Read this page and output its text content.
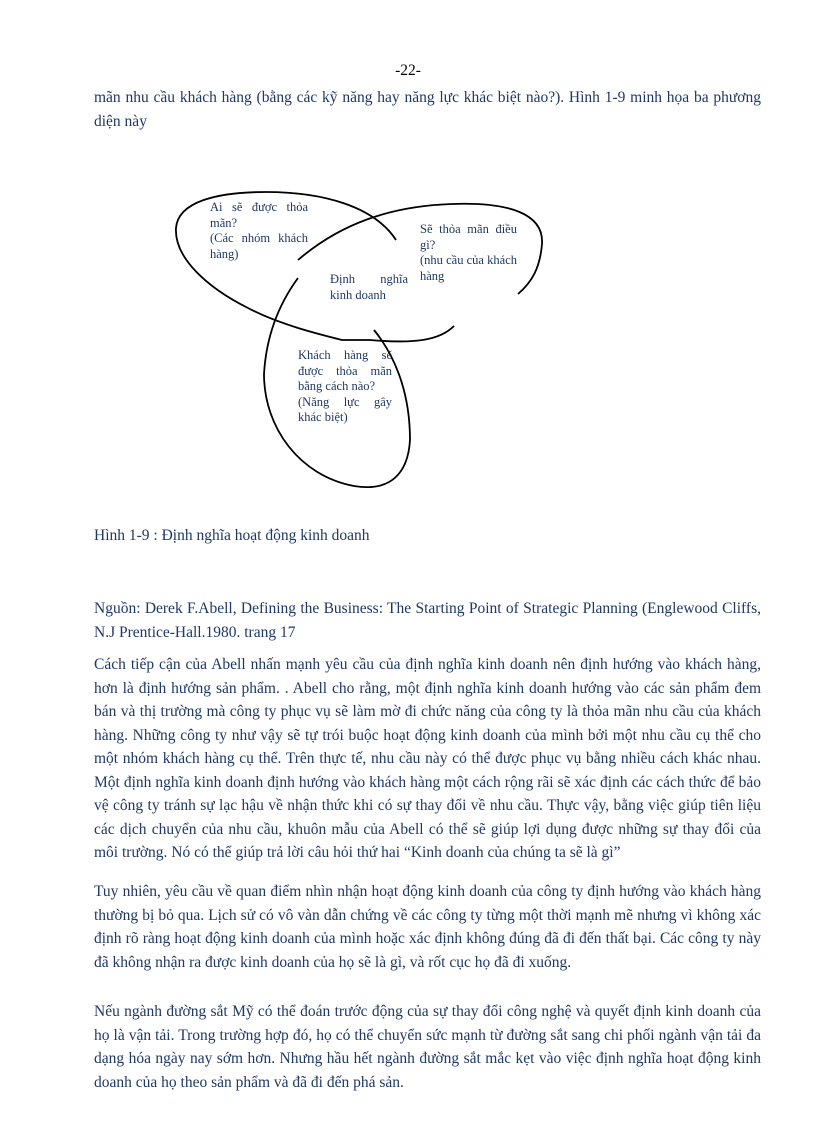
-22-

mãn nhu cầu khách hàng (bằng các kỹ năng hay năng lực khác biệt nào?). Hình 1-9 minh họa ba phương diện này

Ai sẽ được thỏa mãn?
(Các nhóm khách hàng)
Sẽ thỏa mãn điều gì?
(nhu cầu của khách hàng
Định nghĩa kinh doanh
Khách hàng sẽ được thỏa mãn bằng cách nào?
(Năng lực gây khác biệt)

Hình 1-9 : Định nghĩa hoạt động kinh doanh

Nguồn: Derek F.Abell, Defining the Business: The Starting Point of Strategic Planning (Englewood Cliffs, N.J Prentice-Hall.1980. trang 17

Cách tiếp cận của Abell nhấn mạnh yêu cầu của định nghĩa kinh doanh nên định hướng vào khách hàng, hơn là định hướng sản phẩm. . Abell cho rằng, một định nghĩa kinh doanh hướng vào các sản phẩm đem bán và thị trường mà công ty phục vụ sẽ làm mờ đi chức năng của công ty là thỏa mãn nhu cầu của khách hàng. Những công ty như vậy sẽ tự trói buộc hoạt động kinh doanh của mình bởi một nhu cầu cụ thể cho một nhóm khách hàng cụ thể. Trên thực tế, nhu cầu này có thể được phục vụ bằng nhiều cách khác nhau. Một định nghĩa kinh doanh định hướng vào khách hàng một cách rộng rãi sẽ xác định các cách thức để bảo vệ công ty tránh sự lạc hậu về nhận thức khi có sự thay đổi về nhu cầu. Thực vậy, bằng việc giúp tiên liệu các dịch chuyển của nhu cầu, khuôn mẫu của Abell có thể sẽ giúp lợi dụng được những sự thay đổi của môi trường. Nó có thể giúp trả lời câu hỏi thứ hai “Kinh doanh của chúng ta sẽ là gì”

Tuy nhiên, yêu cầu về quan điểm nhìn nhận hoạt động kinh doanh của công ty định hướng vào khách hàng thường bị bỏ qua. Lịch sử có vô vàn dẫn chứng về các công ty từng một thời mạnh mẽ nhưng vì không xác định rõ ràng hoạt động kinh doanh của mình hoặc xác định không đúng đã đi đến thất bại. Các công ty này đã không nhận ra được kinh doanh của họ sẽ là gì, và rốt cục họ đã đi xuống.

Nếu ngành đường sắt Mỹ có thể đoán trước động của sự thay đổi công nghệ và quyết định kinh doanh của họ là vận tải. Trong trường hợp đó, họ có thể chuyển sức mạnh từ đường sắt sang chi phối ngành vận tải đa dạng hóa ngày nay sớm hơn. Nhưng hầu hết ngành đường sắt mắc kẹt vào việc định nghĩa hoạt động kinh doanh của họ theo sản phẩm và đã đi đến phá sản.
